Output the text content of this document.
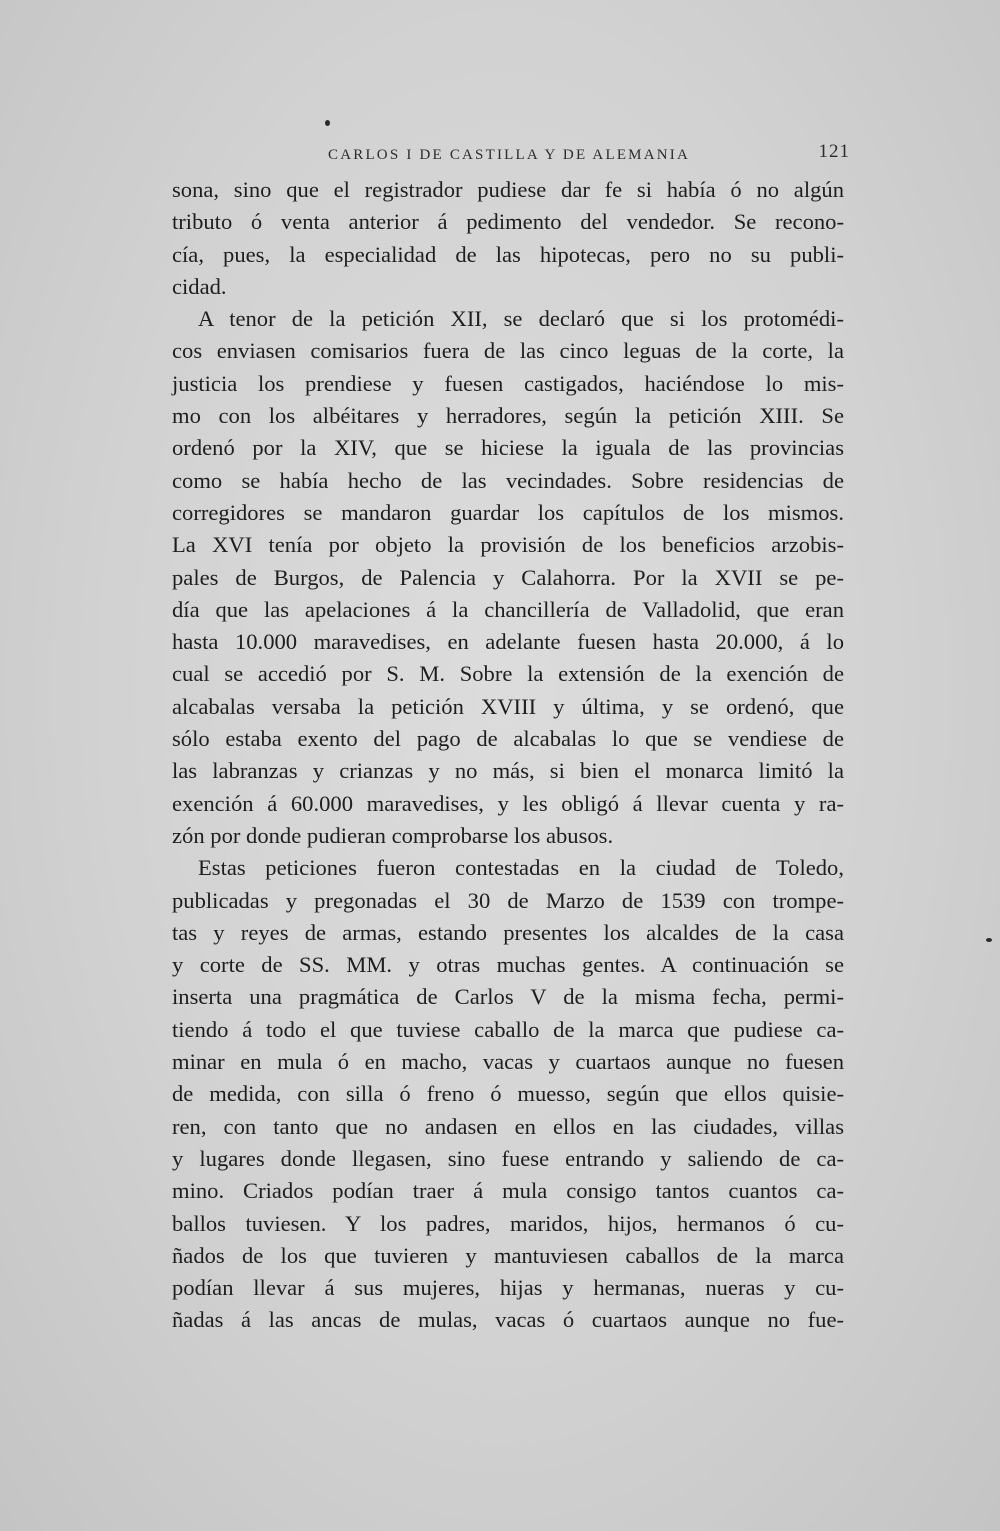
CARLOS I DE CASTILLA Y DE ALEMANIA	121
sona, sino que el registrador pudiese dar fe si había ó no algún
tributo ó venta anterior á pedimento del vendedor. Se recono-
cía, pues, la especialidad de las hipotecas, pero no su publi-
cidad.
A tenor de la petición XII, se declaró que si los protomédi-
cos enviasen comisarios fuera de las cinco leguas de la corte, la
justicia los prendiese y fuesen castigados, haciéndose lo mis-
mo con los albéitares y herradores, según la petición XIII. Se
ordenó por la XIV, que se hiciese la iguala de las provincias
como se había hecho de las vecindades. Sobre residencias de
corregidores se mandaron guardar los capítulos de los mismos.
La XVI tenía por objeto la provisión de los beneficios arzobis-
pales de Burgos, de Palencia y Calahorra. Por la XVII se pe-
día que las apelaciones á la chancillería de Valladolid, que eran
hasta 10.000 maravedises, en adelante fuesen hasta 20.000, á lo
cual se accedió por S. M. Sobre la extensión de la exención de
alcabalas versaba la petición XVIII y última, y se ordenó, que
sólo estaba exento del pago de alcabalas lo que se vendiese de
las labranzas y crianzas y no más, si bien el monarca limitó la
exención á 60.000 maravedises, y les obligó á llevar cuenta y ra-
zón por donde pudieran comprobarse los abusos.
Estas peticiones fueron contestadas en la ciudad de Toledo,
publicadas y pregonadas el 30 de Marzo de 1539 con trompe-
tas y reyes de armas, estando presentes los alcaldes de la casa
y corte de SS. MM. y otras muchas gentes. A continuación se
inserta una pragmática de Carlos V de la misma fecha, permi-
tiendo á todo el que tuviese caballo de la marca que pudiese ca-
minar en mula ó en macho, vacas y cuartaos aunque no fuesen
de medida, con silla ó freno ó muesso, según que ellos quisie-
ren, con tanto que no andasen en ellos en las ciudades, villas
y lugares donde llegasen, sino fuese entrando y saliendo de ca-
mino. Criados podían traer á mula consigo tantos cuantos ca-
ballos tuviesen. Y los padres, maridos, hijos, hermanos ó cu-
ñados de los que tuvieren y mantuviesen caballos de la marca
podían llevar á sus mujeres, hijas y hermanas, nueras y cu-
ñadas á las ancas de mulas, vacas ó cuartaos aunque no fue-
